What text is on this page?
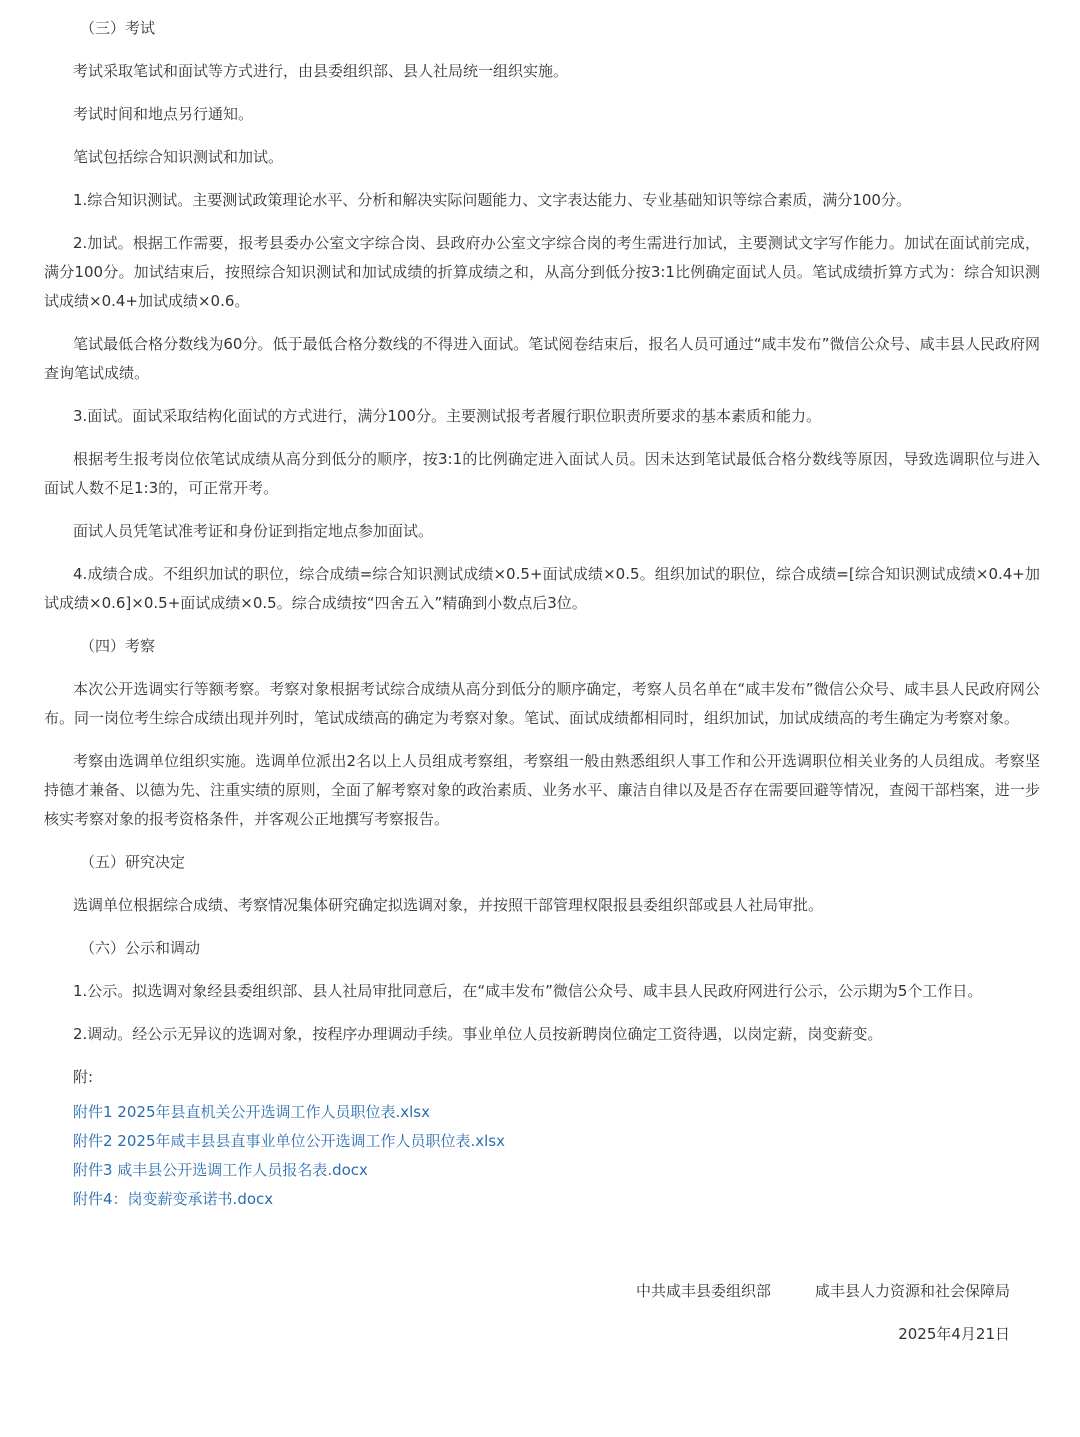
（三）考试

考试采取笔试和面试等方式进行，由县委组织部、县人社局统一组织实施。

考试时间和地点另行通知。

笔试包括综合知识测试和加试。

1.综合知识测试。主要测试政策理论水平、分析和解决实际问题能力、文字表达能力、专业基础知识等综合素质，满分100分。

2.加试。根据工作需要，报考县委办公室文字综合岗、县政府办公室文字综合岗的考生需进行加试，主要测试文字写作能力。加试在面试前完成，满分100分。加试结束后，按照综合知识测试和加试成绩的折算成绩之和，从高分到低分按3:1比例确定面试人员。笔试成绩折算方式为：综合知识测试成绩×0.4+加试成绩×0.6。

笔试最低合格分数线为60分。低于最低合格分数线的不得进入面试。笔试阅卷结束后，报名人员可通过“咸丰发布”微信公众号、咸丰县人民政府网查询笔试成绩。

3.面试。面试采取结构化面试的方式进行，满分100分。主要测试报考者履行职位职责所要求的基本素质和能力。

根据考生报考岗位依笔试成绩从高分到低分的顺序，按3:1的比例确定进入面试人员。因未达到笔试最低合格分数线等原因，导致选调职位与进入面试人数不足1:3的，可正常开考。

面试人员凭笔试准考证和身份证到指定地点参加面试。

4.成绩合成。不组织加试的职位，综合成绩=综合知识测试成绩×0.5+面试成绩×0.5。组织加试的职位，综合成绩=[综合知识测试成绩×0.4+加试成绩×0.6]×0.5+面试成绩×0.5。综合成绩按“四舍五入”精确到小数点后3位。

（四）考察

本次公开选调实行等额考察。考察对象根据考试综合成绩从高分到低分的顺序确定，考察人员名单在“咸丰发布”微信公众号、咸丰县人民政府网公布。同一岗位考生综合成绩出现并列时，笔试成绩高的确定为考察对象。笔试、面试成绩都相同时，组织加试，加试成绩高的考生确定为考察对象。

考察由选调单位组织实施。选调单位派出2名以上人员组成考察组，考察组一般由熟悉组织人事工作和公开选调职位相关业务的人员组成。考察坚持德才兼备、以德为先、注重实绩的原则，全面了解考察对象的政治素质、业务水平、廉洁自律以及是否存在需要回避等情况，查阅干部档案，进一步核实考察对象的报考资格条件，并客观公正地撰写考察报告。

（五）研究决定

选调单位根据综合成绩、考察情况集体研究确定拟选调对象，并按照干部管理权限报县委组织部或县人社局审批。

（六）公示和调动

1.公示。拟选调对象经县委组织部、县人社局审批同意后，在“咸丰发布”微信公众号、咸丰县人民政府网进行公示，公示期为5个工作日。

2.调动。经公示无异议的选调对象，按程序办理调动手续。事业单位人员按新聘岗位确定工资待遇，以岗定薪，岗变薪变。

附:

附件1 2025年县直机关公开选调工作人员职位表.xlsx
附件2 2025年咸丰县县直事业单位公开选调工作人员职位表.xlsx
附件3 咸丰县公开选调工作人员报名表.docx
附件4：岗变薪变承诺书.docx
中共咸丰县委组织部	咸丰县人力资源和社会保障局
2025年4月21日
